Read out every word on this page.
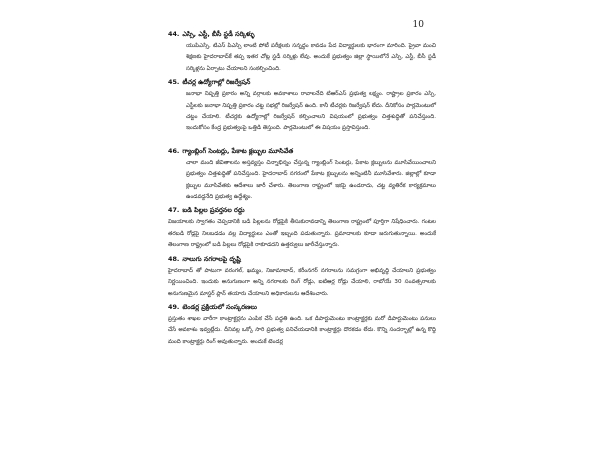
10
44. ఎస్సి, ఎస్టీ, బీసీ స్టడీ సర్కిళ్ళు

యుపిఎస్సి, టిఎస్ పిఎస్సి లాంటి పోటీ పరీక్షలకు సన్నద్ధం కావడం పేద విద్యార్థులకు భారంగా మారింది. ప్రైవా మంచి శిక్షణకు హైదరాబాద్‌కే తప్ప ఇతర చోట్ల స్టడీ సర్కిళ్లు లేవు. అందుకే ప్రభుత్వం జిల్లా స్థాయిలోనే ఎస్సి, ఎస్టీ, బీసీ స్టడీ సర్కిళ్లను ఏర్పాటు చేయాలని సంకల్పించింది.

45. టీచర్ల ఉద్యోగాల్లో రిజర్వేషన్

జనాభా నిష్పత్తి ప్రకారం అన్ని వర్గాలకు అవకాశాలు రావాలనేది టిఆర్ఎస్ ప్రభుత్వ లక్ష్యం. రాష్ట్రాల ప్రకారం ఎస్సి, ఎస్టీలకు జనాభా నిష్పత్తి ప్రకారం చట్ట సభల్లో రిజర్వేషన్ ఉంది. కానీ టీచర్లకు రిజర్వేషన్ లేదు. దీనికోసం పార్లమెంటులో చట్టం చేయాలి. టీచర్లకు ఉద్యోగాల్లో రిజర్వేషన్ కల్పించాలని విషయంలో ప్రభుత్వం చిత్తశుద్ధితో పనిచేస్తుంది. ఇందుకోసం కేంద్ర ప్రభుత్వంపై ఒత్తిడి తెస్తుంది. పార్లమెంటులో ఈ విషయం ప్రస్తావిస్తుంది.

46. గ్యాంబ్లింగ్ సెంటర్లు, పేకాట క్లబ్బుల మూసివేత

చాలా మంది జీవితాలను అస్తవ్యస్తం చిన్నాభిన్నం చేస్తున్న గ్యాంబ్లింగ్ సెంటర్లు, పేకాట క్లబ్బులను మూసివేయించాలని ప్రభుత్వం చిత్తశుద్ధితో పనిచేస్తుంది. హైదరాబాద్ నగరంలో పేకాట క్లబ్బులను అన్నింటినీ మూసివేశారు. జిల్లాల్లో కూడా క్లబ్బుల మూసివేతకు ఆదేశాలు జారీ చేశారు. తెలంగాణ రాష్ట్రంలో ఇకపై ఉండరాదు, చట్ట వ్యతిరేక కార్యక్రమాలు ఉండవద్దనేది ప్రభుత్వ ఉద్దేశ్యం.

47. బడి పిల్లల ప్రవర్తనల రద్దు

విజయాలకు స్వాగతం చెప్పడానికి బడి పిల్లలను రోడ్లపైకి తీసుకురావడాన్ని తెలంగాణ రాష్ట్రంలో పూర్తిగా నిషేధించారు. గంటల తరబడి రోడ్లపై నిలబడడం వల్ల విద్యార్థులు ఎంతో ఇబ్బంది పడుతున్నారు. ప్రమాదాలకు కూడా జరుగుతున్నాయి. అందుకే తెలంగాణ రాష్ట్రంలో బడి పిల్లలు రోడ్లపైకి రాకూడదని ఉత్తర్వులు జారీచేస్తున్నారు.

48. నాలుగు నగరాలపై దృష్టి

హైదరాబాద్ తో పాటుగా వరంగల్, ఖమ్మం, నిజామాబాద్, కరీంనగర్ నగరాలను సమగ్రంగా అభివృద్ధి చేయాలని ప్రభుత్వం నిర్ణయించింది. ఇందుకు అనుగుణంగా అన్ని నగరాలకు రింగ్ రోడ్లు, ఐటిఆర్ల రోడ్లు చేయాలి, రాబోయే 30 సంవత్సరాలకు అనుగుణమైన మాస్టర్ ప్లాన్ తయారు చేయాలని అధికారులను ఆదేశించారు.

49. టెండర్ల ప్రక్రియలో సంస్కరణలు

ప్రస్తుతం శాఖల వారీగా కాంట్రాక్టర్లను ఎంపిక చేసే పద్ధతి ఉంది. ఒక డిపార్టుమెంటు కాంట్రాక్టర్లకు మరో డిపార్టుమెంటు పనులు చేసే అవకాశం ఇవ్వట్లేదు. దీనివల్ల ఒక్కో సారి ప్రభుత్వ పనిచేయడానికి కాంట్రాక్టర్లు దొరకడం లేదు. కొన్ని సందర్భాల్లో ఉన్న కొద్ది మంది కాంట్రాక్టర్లు రింగ్ అవుతున్నారు. అందుకే టెండర్ల
